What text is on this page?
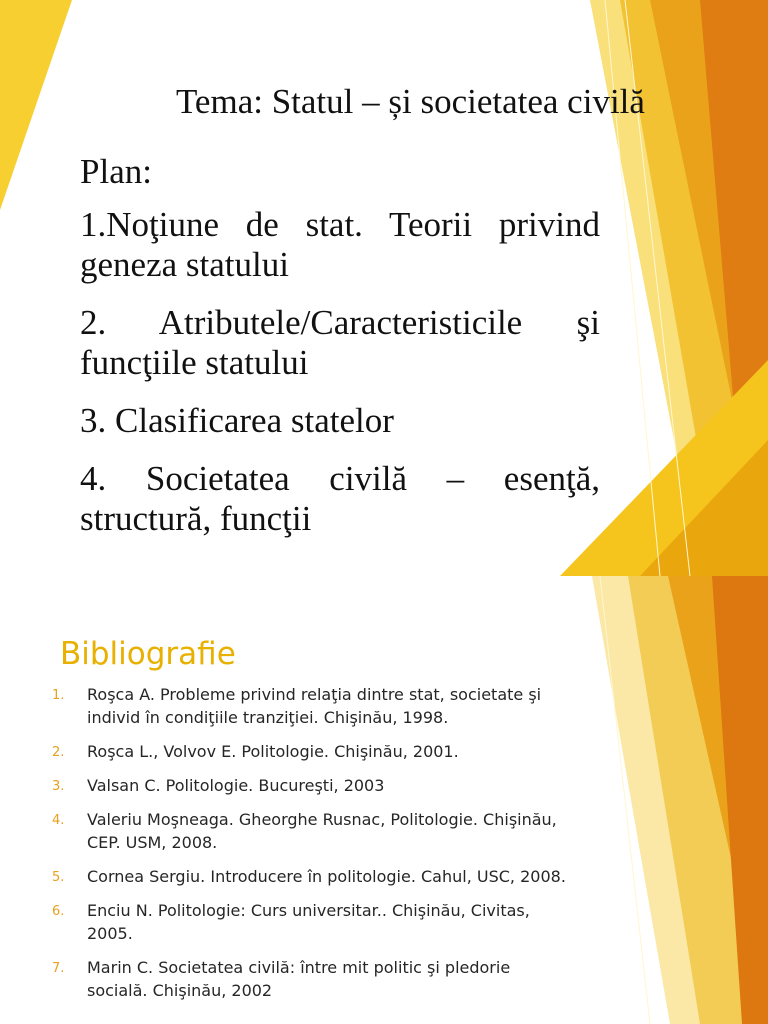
Tema: Statul – și societatea civilă

Plan:

1.Noţiune de stat. Teorii privind geneza statului

2. Atributele/Caracteristicile şi funcţiile statului

3. Clasificarea statelor

4. Societatea civilă – esenţă, structură, funcţii

Bibliografie
1. Roşca A. Probleme privind relaţia dintre stat, societate şi individ în condiţiile tranziţiei. Chişinău, 1998.
2. Roşca L., Volvov E. Politologie. Chişinău, 2001.
3. Valsan C. Politologie. Bucureşti, 2003
4. Valeriu Moşneaga. Gheorghe Rusnac, Politologie. Chişinău, CEP. USM, 2008.
5. Cornea Sergiu. Introducere în politologie. Cahul, USC, 2008.
6. Enciu N. Politologie: Curs universitar.. Chişinău, Civitas, 2005.
7. Marin C. Societatea civilă: între mit politic şi pledorie socială. Chişinău, 2002
